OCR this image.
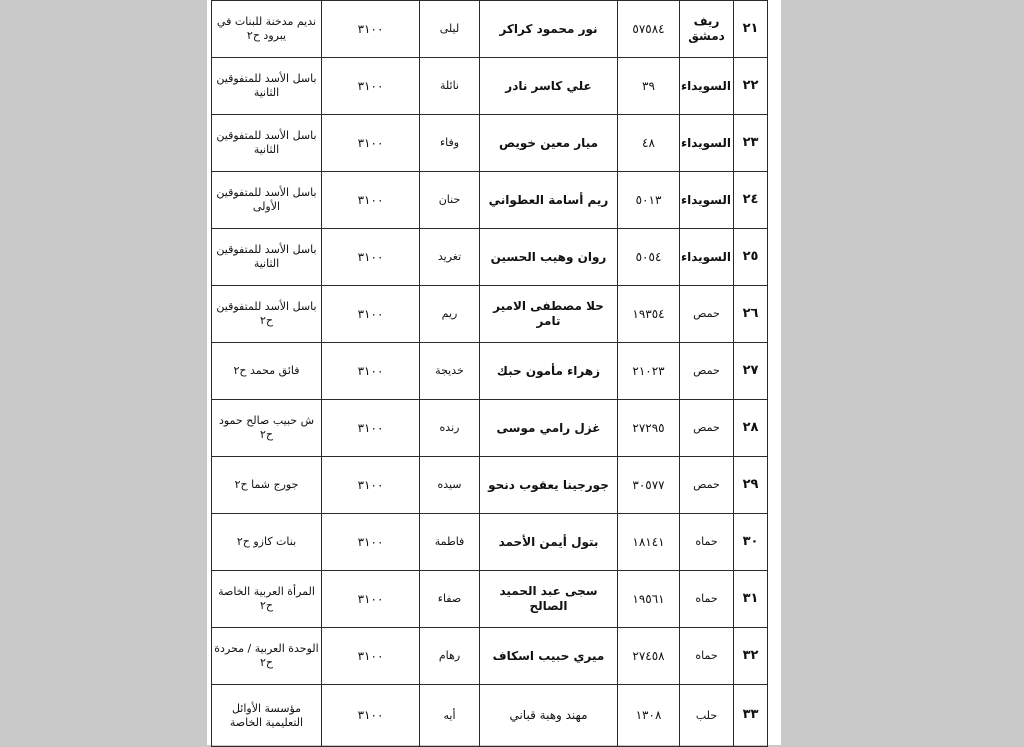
٢١	ريف دمشق	٥٧٥٨٤	نور محمود كراكر	ليلى	٣١٠٠	نديم مدخنة للبنات في يبرود ح٢
٢٢	السويداء	٣٩	علي كاسر نادر	نائلة	٣١٠٠	باسل الأسد للمتفوقين الثانية
٢٣	السويداء	٤٨	ميار معين خويص	وفاء	٣١٠٠	باسل الأسد للمتفوقين الثانية
٢٤	السويداء	٥٠١٣	ريم أسامة العطواني	حنان	٣١٠٠	باسل الأسد للمتفوقين الأولى
٢٥	السويداء	٥٠٥٤	روان وهيب الحسين	تغريد	٣١٠٠	باسل الأسد للمتفوقين الثانية
٢٦	حمص	١٩٣٥٤	حلا مصطفى الامير تامر	ريم	٣١٠٠	باسل الأسد للمتفوقين ح٢
٢٧	حمص	٢١٠٢٣	زهراء مأمون حبك	خديجة	٣١٠٠	فائق محمد ح٢
٢٨	حمص	٢٧٢٩٥	غزل رامي موسى	رنده	٣١٠٠	ش حبيب صالح حمود ح٢
٢٩	حمص	٣٠٥٧٧	جورجينا يعقوب دنحو	سيده	٣١٠٠	جورج شما ح٢
٣٠	حماه	١٨١٤١	بتول أيمن الأحمد	فاطمة	٣١٠٠	بنات كازو ح٢
٣١	حماه	١٩٥٦١	سجى عبد الحميد الصالح	صفاء	٣١٠٠	المرأة العربية الخاصة ح٢
٣٢	حماه	٢٧٤٥٨	ميري حبيب اسكاف	رهام	٣١٠٠	الوحدة العربية / محردة ح٢
٣٣	حلب	١٣٠٨	مهند وهبة قباني	أيه	٣١٠٠	مؤسسة الأوائل التعليمية الخاصة
